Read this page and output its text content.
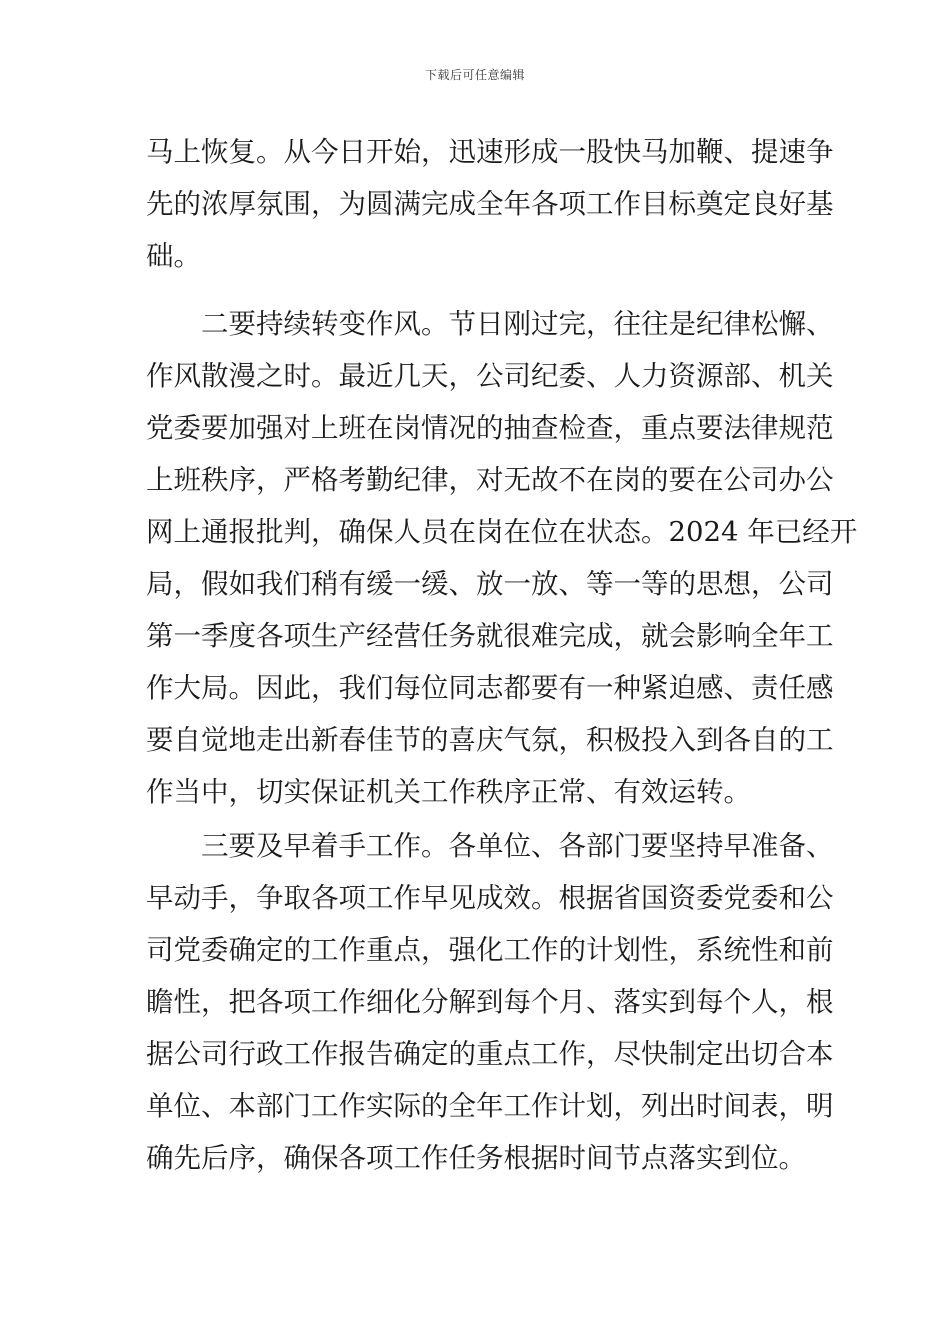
下载后可任意编辑
马上恢复。从今日开始，迅速形成一股快马加鞭、提速争
先的浓厚氛围，为圆满完成全年各项工作目标奠定良好基
础。
二要持续转变作风。节日刚过完，往往是纪律松懈、
作风散漫之时。最近几天，公司纪委、人力资源部、机关
党委要加强对上班在岗情况的抽查检查，重点要法律规范
上班秩序，严格考勤纪律，对无故不在岗的要在公司办公
网上通报批判，确保人员在岗在位在状态。2024 年已经开
局，假如我们稍有缓一缓、放一放、等一等的思想，公司
第一季度各项生产经营任务就很难完成，就会影响全年工
作大局。因此，我们每位同志都要有一种紧迫感、责任感
要自觉地走出新春佳节的喜庆气氛，积极投入到各自的工
作当中，切实保证机关工作秩序正常、有效运转。
三要及早着手工作。各单位、各部门要坚持早准备、
早动手，争取各项工作早见成效。根据省国资委党委和公
司党委确定的工作重点，强化工作的计划性，系统性和前
瞻性，把各项工作细化分解到每个月、落实到每个人，根
据公司行政工作报告确定的重点工作，尽快制定出切合本
单位、本部门工作实际的全年工作计划，列出时间表，明
确先后序，确保各项工作任务根据时间节点落实到位。
